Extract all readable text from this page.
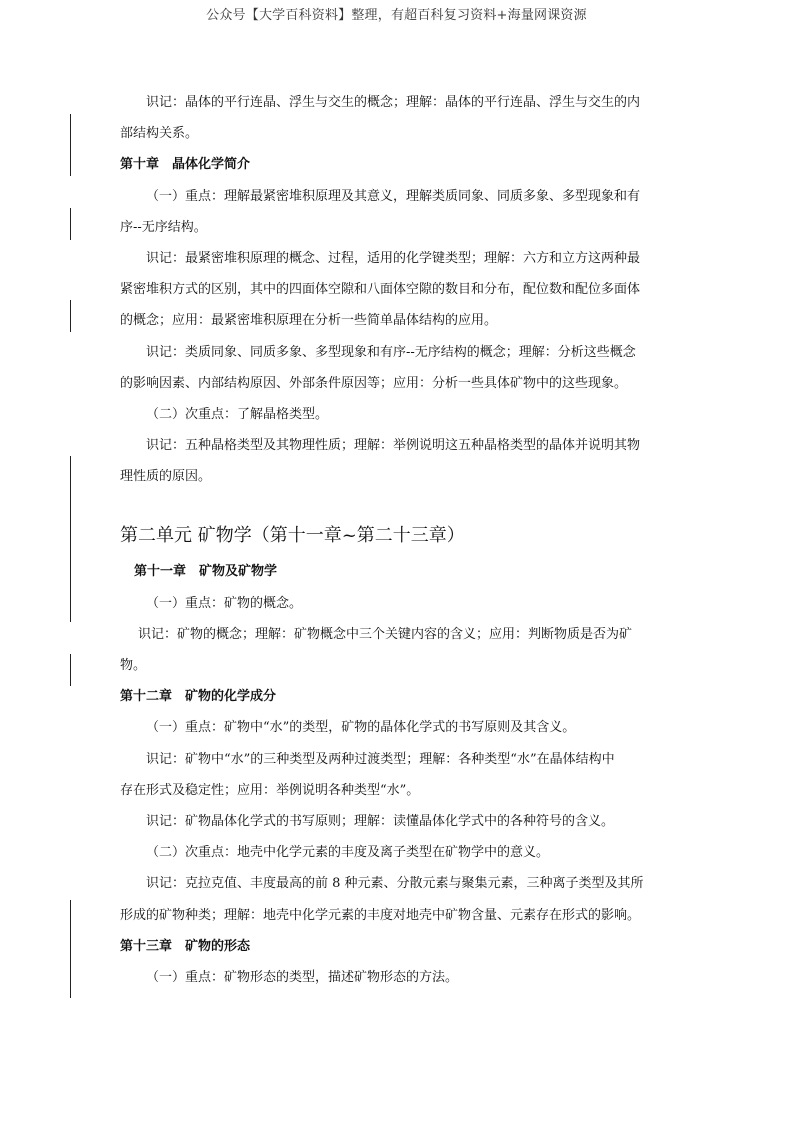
公众号【大学百科资料】整理，有超百科复习资料+海量网课资源
识记：晶体的平行连晶、浮生与交生的概念；理解：晶体的平行连晶、浮生与交生的内
部结构关系。
第十章　晶体化学简介
（一）重点：理解最紧密堆积原理及其意义，理解类质同象、同质多象、多型现象和有
序--无序结构。
识记：最紧密堆积原理的概念、过程，适用的化学键类型；理解：六方和立方这两种最
紧密堆积方式的区别，其中的四面体空隙和八面体空隙的数目和分布，配位数和配位多面体
的概念；应用：最紧密堆积原理在分析一些简单晶体结构的应用。
识记：类质同象、同质多象、多型现象和有序--无序结构的概念；理解：分析这些概念
的影响因素、内部结构原因、外部条件原因等；应用：分析一些具体矿物中的这些现象。
（二）次重点：了解晶格类型。
识记：五种晶格类型及其物理性质；理解：举例说明这五种晶格类型的晶体并说明其物
理性质的原因。
第二单元 矿物学（第十一章~第二十三章）
第十一章　矿物及矿物学
（一）重点：矿物的概念。
识记：矿物的概念；理解：矿物概念中三个关键内容的含义；应用：判断物质是否为矿
物。
第十二章　矿物的化学成分
（一）重点：矿物中“水”的类型，矿物的晶体化学式的书写原则及其含义。
识记：矿物中“水”的三种类型及两种过渡类型；理解：各种类型“水”在晶体结构中
存在形式及稳定性；应用：举例说明各种类型“水”。
识记：矿物晶体化学式的书写原则；理解：读懂晶体化学式中的各种符号的含义。
（二）次重点：地壳中化学元素的丰度及离子类型在矿物学中的意义。
识记：克拉克值、丰度最高的前 8 种元素、分散元素与聚集元素，三种离子类型及其所
形成的矿物种类；理解：地壳中化学元素的丰度对地壳中矿物含量、元素存在形式的影响。
第十三章　矿物的形态
（一）重点：矿物形态的类型，描述矿物形态的方法。
